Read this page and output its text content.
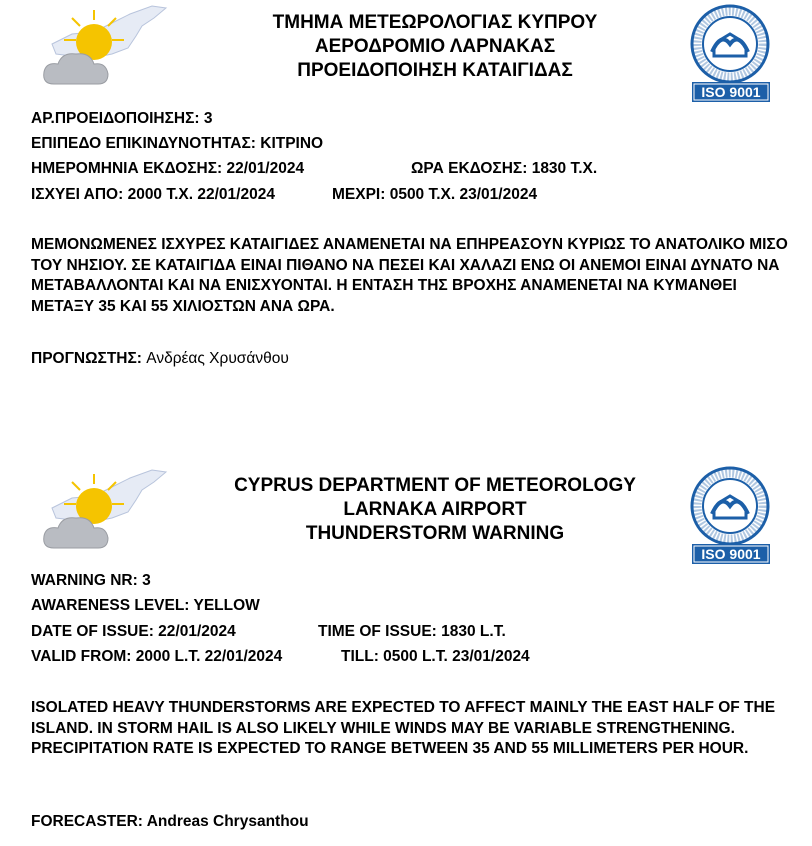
ΤΜΗΜΑ ΜΕΤΕΩΡΟΛΟΓΙΑΣ ΚΥΠΡΟΥ
ΑΕΡΟΔΡΟΜΙΟ ΛΑΡΝΑΚΑΣ
ΠΡΟΕΙΔΟΠΟΙΗΣΗ ΚΑΤΑΙΓΙΔΑΣ
ISO 9001
ΑΡ.ΠΡΟΕΙΔΟΠΟΙΗΣΗΣ: 3
ΕΠΙΠΕΔΟ ΕΠΙΚΙΝΔΥΝΟΤΗΤΑΣ: ΚΙΤΡΙΝΟ
ΗΜΕΡΟΜΗΝΙΑ ΕΚΔΟΣΗΣ: 22/01/2024	ΩΡΑ ΕΚΔΟΣΗΣ: 1830 Τ.Χ.
ΙΣΧΥΕΙ ΑΠΟ: 2000 Τ.Χ. 22/01/2024	ΜΕΧΡΙ: 0500 Τ.Χ. 23/01/2024
ΜΕΜΟΝΩΜΕΝΕΣ ΙΣΧΥΡΕΣ ΚΑΤΑΙΓΙΔΕΣ ΑΝΑΜΕΝΕΤΑΙ ΝΑ ΕΠΗΡΕΑΣΟΥΝ ΚΥΡΙΩΣ ΤΟ ΑΝΑΤΟΛΙΚΟ ΜΙΣΟ ΤΟΥ ΝΗΣΙΟΥ. ΣΕ ΚΑΤΑΙΓΙΔΑ ΕΙΝΑΙ ΠΙΘΑΝΟ ΝΑ ΠΕΣΕΙ ΚΑΙ ΧΑΛΑΖΙ ΕΝΩ ΟΙ ΑΝΕΜΟΙ ΕΙΝΑΙ ΔΥΝΑΤΟ ΝΑ ΜΕΤΑΒΑΛΛΟΝΤΑΙ ΚΑΙ ΝΑ ΕΝΙΣΧΥΟΝΤΑΙ. Η ΕΝΤΑΣΗ ΤΗΣ ΒΡΟΧΗΣ ΑΝΑΜΕΝΕΤΑΙ ΝΑ ΚΥΜΑΝΘΕΙ ΜΕΤΑΞΥ 35 ΚΑΙ 55 ΧΙΛΙΟΣΤΩΝ ΑΝΑ ΩΡΑ.
ΠΡΟΓΝΩΣΤΗΣ: Ανδρέας Χρυσάνθου
CYPRUS DEPARTMENT OF METEOROLOGY
LARNAKA AIRPORT
THUNDERSTORM WARNING
ISO 9001
WARNING NR: 3
AWARENESS LEVEL: YELLOW
DATE OF ISSUE: 22/01/2024	TIME OF ISSUE: 1830 L.T.
VALID FROM: 2000 L.T. 22/01/2024	TILL: 0500 L.T. 23/01/2024
ISOLATED HEAVY THUNDERSTORMS ARE EXPECTED TO AFFECT MAINLY THE EAST HALF OF THE ISLAND. IN STORM HAIL IS ALSO LIKELY WHILE WINDS MAY BE VARIABLE STRENGTHENING. PRECIPITATION RATE IS EXPECTED TO RANGE BETWEEN 35 AND 55 MILLIMETERS PER HOUR.
FORECASTER: Andreas Chrysanthou
